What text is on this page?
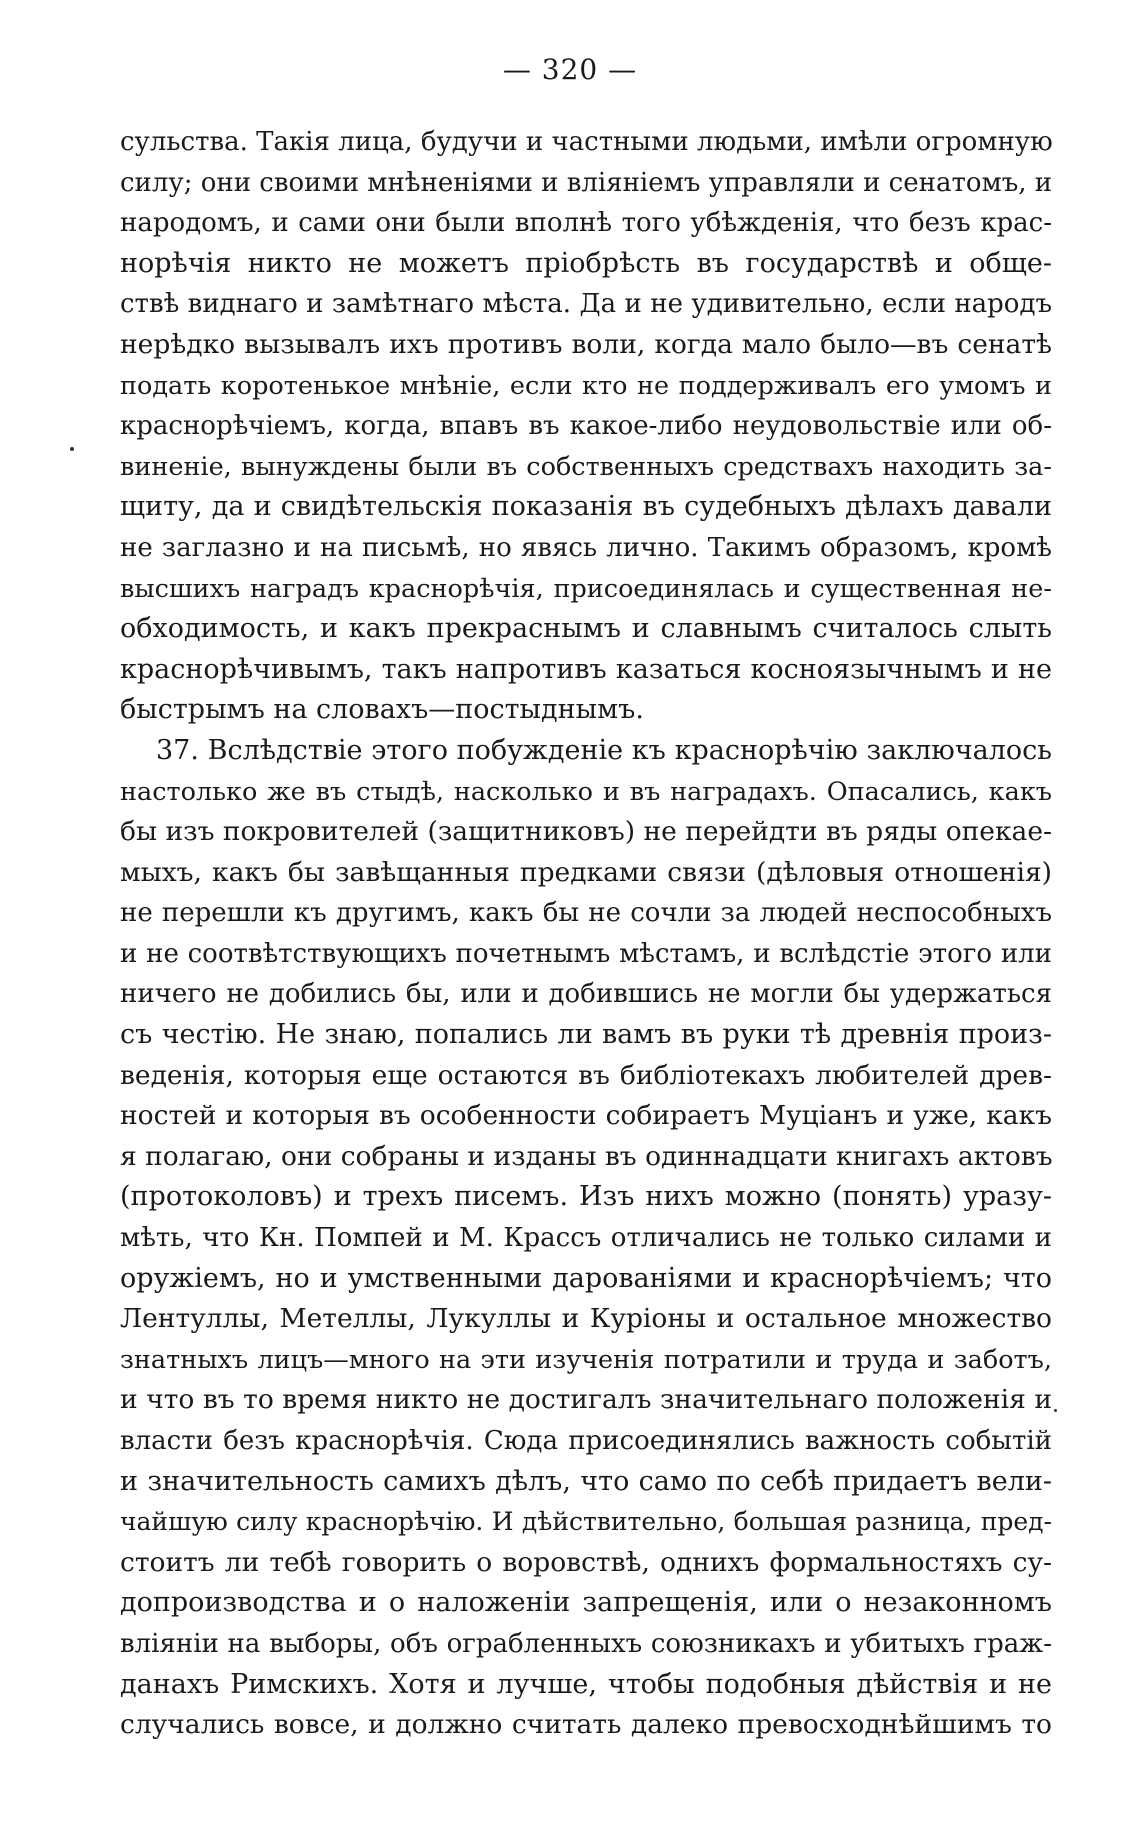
— 320 —
сульства. Такія лица, будучи и частными людьми, имѣли огромную
силу; они своими мнѣненіями и вліяніемъ управляли и сенатомъ, и
народомъ, и сами они были вполнѣ того убѣжденія, что безъ крас-
норѣчія никто не можетъ пріобрѣсть въ государствѣ и обще-
ствѣ виднаго и замѣтнаго мѣста. Да и не удивительно, если народъ
нерѣдко вызывалъ ихъ противъ воли, когда мало было—въ сенатѣ
подать коротенькое мнѣніе, если кто не поддерживалъ его умомъ и
краснорѣчіемъ, когда, впавъ въ какое-либо неудовольствіе или об-
виненіе, вынуждены были въ собственныхъ средствахъ находить за-
щиту, да и свидѣтельскія показанія въ судебныхъ дѣлахъ давали
не заглазно и на письмѣ, но явясь лично. Такимъ образомъ, кромѣ
высшихъ наградъ краснорѣчія, присоединялась и существенная не-
обходимость, и какъ прекраснымъ и славнымъ считалось слыть
краснорѣчивымъ, такъ напротивъ казаться косноязычнымъ и не
быстрымъ на словахъ—постыднымъ.
37. Вслѣдствіе этого побужденіе къ краснорѣчію заключалось
настолько же въ стыдѣ, насколько и въ наградахъ. Опасались, какъ
бы изъ покровителей (защитниковъ) не перейдти въ ряды опекае-
мыхъ, какъ бы завѣщанныя предками связи (дѣловыя отношенія)
не перешли къ другимъ, какъ бы не сочли за людей неспособныхъ
и не соотвѣтствующихъ почетнымъ мѣстамъ, и вслѣдстіе этого или
ничего не добились бы, или и добившись не могли бы удержаться
съ честію. Не знаю, попались ли вамъ въ руки тѣ древнія произ-
веденія, которыя еще остаются въ библіотекахъ любителей древ-
ностей и которыя въ особенности собираетъ Муціанъ и уже, какъ
я полагаю, они собраны и изданы въ одиннадцати книгахъ актовъ
(протоколовъ) и трехъ писемъ. Изъ нихъ можно (понять) уразу-
мѣть, что Кн. Помпей и М. Крассъ отличались не только силами и
оружіемъ, но и умственными дарованіями и краснорѣчіемъ; что
Лентуллы, Метеллы, Лукуллы и Куріоны и остальное множество
знатныхъ лицъ—много на эти изученія потратили и труда и заботъ,
и что въ то время никто не достигалъ значительнаго положенія и
власти безъ краснорѣчія. Сюда присоединялись важность событій
и значительность самихъ дѣлъ, что само по себѣ придаетъ вели-
чайшую силу краснорѣчію. И дѣйствительно, большая разница, пред-
стоитъ ли тебѣ говорить о воровствѣ, однихъ формальностяхъ су-
допроизводства и о наложеніи запрещенія, или о незаконномъ
вліяніи на выборы, объ ограбленныхъ союзникахъ и убитыхъ граж-
данахъ Римскихъ. Хотя и лучше, чтобы подобныя дѣйствія и не
случались вовсе, и должно считать далеко превосходнѣйшимъ то
